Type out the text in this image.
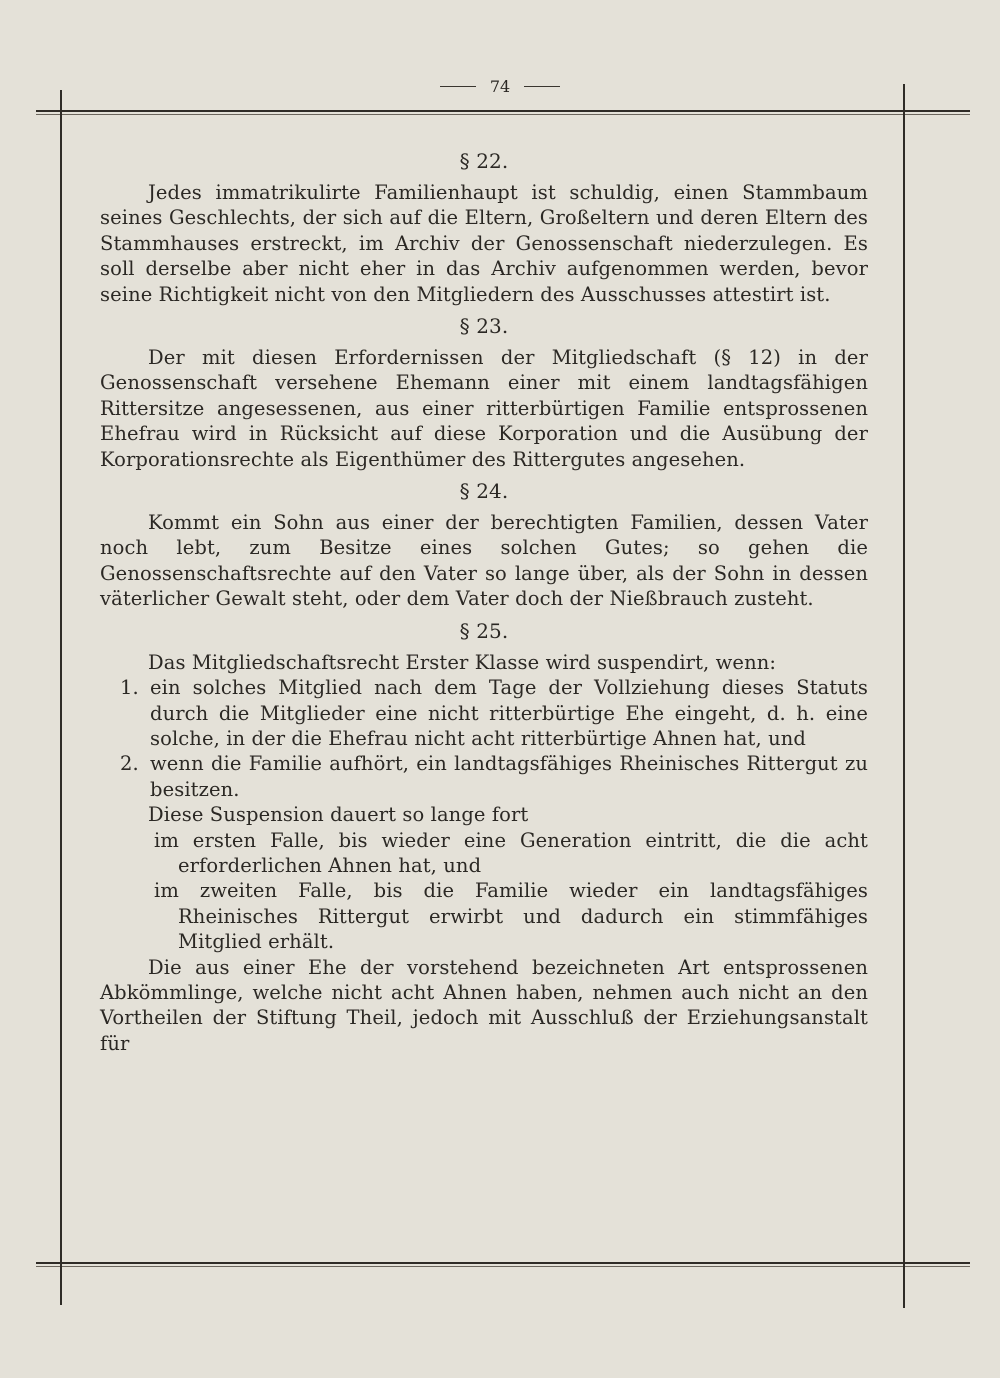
74
§ 22.

Jedes immatrikulirte Familienhaupt ist schuldig, einen Stammbaum seines Geschlechts, der sich auf die Eltern, Großeltern und deren Eltern des Stammhauses erstreckt, im Archiv der Genossenschaft niederzulegen. Es soll derselbe aber nicht eher in das Archiv aufgenommen werden, bevor seine Richtigkeit nicht von den Mitgliedern des Ausschusses attestirt ist.

§ 23.

Der mit diesen Erfordernissen der Mitgliedschaft (§ 12) in der Genossenschaft versehene Ehemann einer mit einem landtagsfähigen Rittersitze angesessenen, aus einer ritterbürtigen Familie entsprossenen Ehefrau wird in Rücksicht auf diese Korporation und die Ausübung der Korporationsrechte als Eigenthümer des Rittergutes angesehen.

§ 24.

Kommt ein Sohn aus einer der berechtigten Familien, dessen Vater noch lebt, zum Besitze eines solchen Gutes; so gehen die Genossenschaftsrechte auf den Vater so lange über, als der Sohn in dessen väterlicher Gewalt steht, oder dem Vater doch der Nießbrauch zusteht.

§ 25.

Das Mitgliedschaftsrecht Erster Klasse wird suspendirt, wenn:

1. ein solches Mitglied nach dem Tage der Vollziehung dieses Statuts durch die Mitglieder eine nicht ritterbürtige Ehe eingeht, d. h. eine solche, in der die Ehefrau nicht acht ritterbürtige Ahnen hat, und

2. wenn die Familie aufhört, ein landtagsfähiges Rheinisches Rittergut zu besitzen.

Diese Suspension dauert so lange fort

im ersten Falle, bis wieder eine Generation eintritt, die die acht erforderlichen Ahnen hat, und

im zweiten Falle, bis die Familie wieder ein landtagsfähiges Rheinisches Rittergut erwirbt und dadurch ein stimmfähiges Mitglied erhält.

Die aus einer Ehe der vorstehend bezeichneten Art entsprossenen Abkömmlinge, welche nicht acht Ahnen haben, nehmen auch nicht an den Vortheilen der Stiftung Theil, jedoch mit Ausschluß der Erziehungsanstalt für
